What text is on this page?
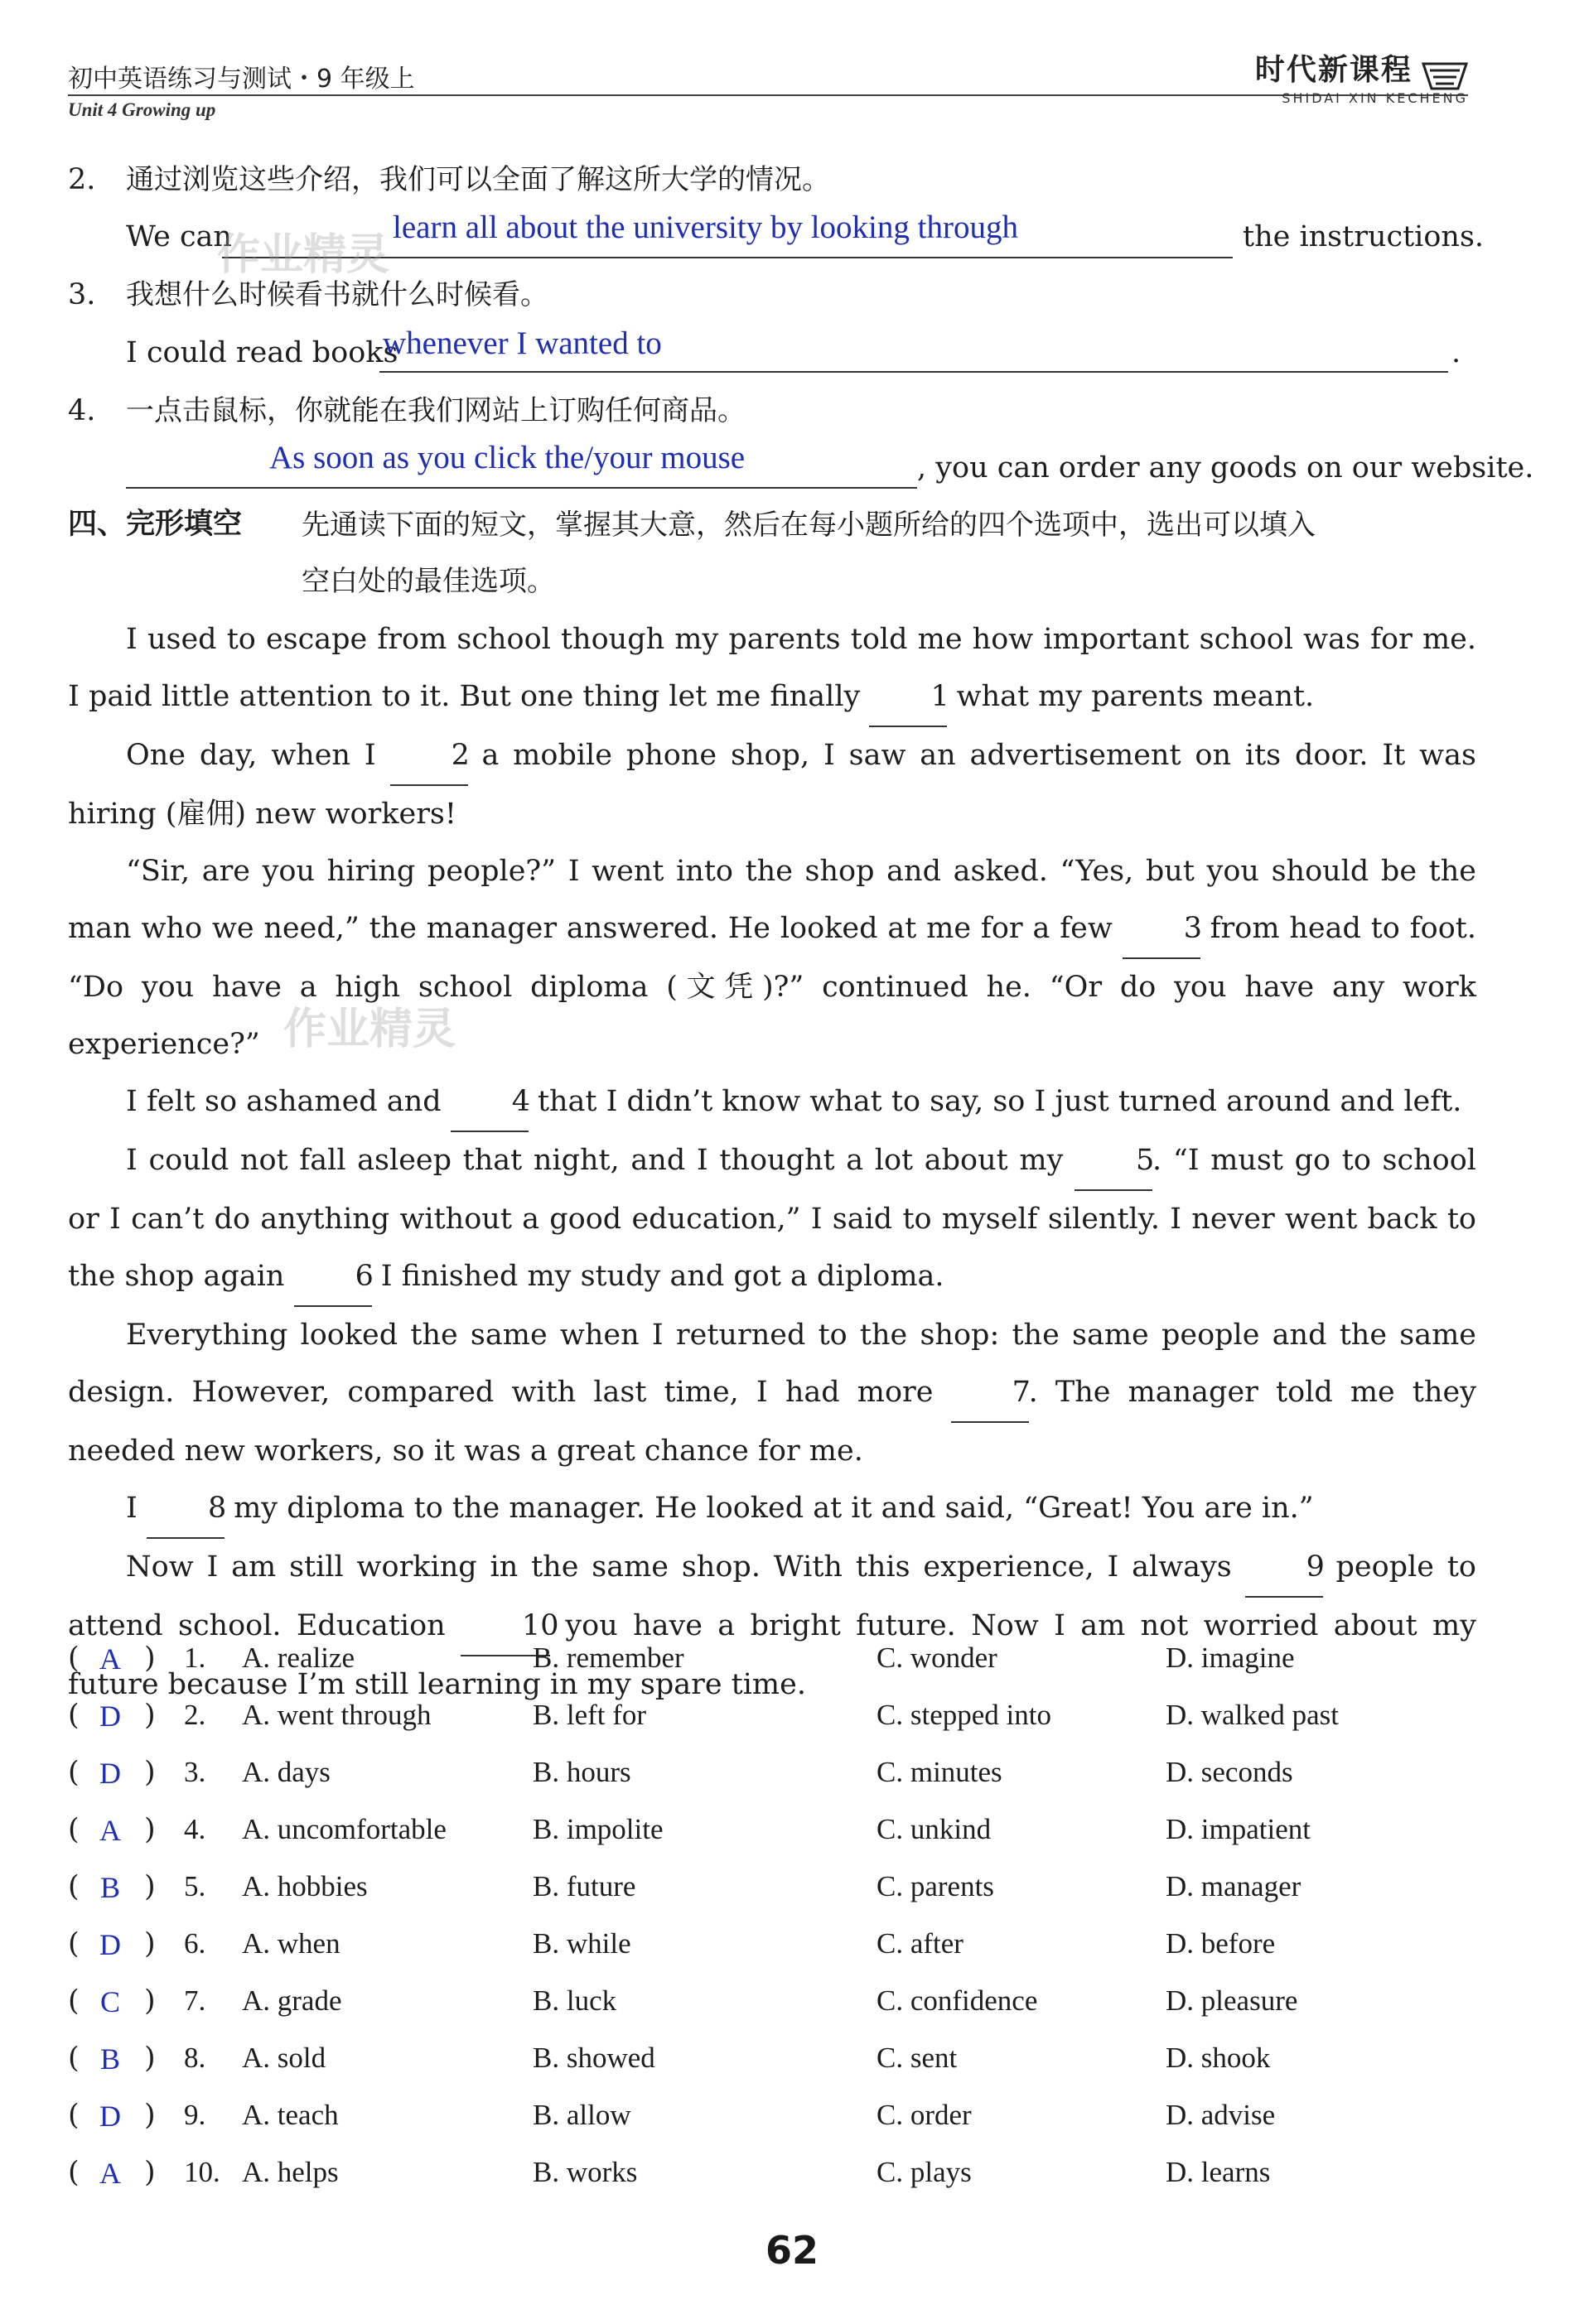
初中英语练习与测试・9 年级上
Unit 4 Growing up
时代新课程
SHIDAI XIN KECHENG
2. 通过浏览这些介绍，我们可以全面了解这所大学的情况。
We can	learn all about the university by looking through	the instructions.
3. 我想什么时候看书就什么时候看。
I could read books
whenever I wanted to	.
4. 一点击鼠标，你就能在我们网站上订购任何商品。
As soon as you click the/your mouse	, you can order any goods on our website.
四、完形填空 先通读下面的短文，掌握其大意，然后在每小题所给的四个选项中，选出可以填入
空白处的最佳选项。

I used to escape from school though my parents told me how important school was for me. I paid little attention to it. But one thing let me finally 1 what my parents meant.

One day, when I	2 a mobile phone shop, I saw an advertisement on its door. It was hiring (雇佣) new workers!

“Sir, are you hiring people?” I went into the shop and asked. “Yes, but you should be the man who we need,” the manager answered. He looked at me for a few 3 from head to foot. “Do you have a high school diploma (文凭)?” continued he. “Or do you have any work experience?”

I felt so ashamed and 4 that I didn’t know what to say, so I just turned around and left.

I could not fall asleep that night, and I thought a lot about my	5. “I must go to school or I can’t do anything without a good education,” I said to myself silently. I never went back to the shop again 6 I finished my study and got a diploma.

Everything looked the same when I returned to the shop: the same people and the same design. However, compared with last time, I had more	7. The manager told me they needed new workers, so it was a great chance for me.

I 8 my diploma to the manager. He looked at it and said, “Great! You are in.”

Now I am still working in the same shop. With this experience, I always	9 people to attend school. Education	10 you have a bright future. Now I am not worried about my future because I’m still learning in my spare time.

( A ) 1. A. realize	B. remember	C. wonder	D. imagine
( D ) 2. A. went through	B. left for	C. stepped into	D. walked past
( D ) 3. A. days	B. hours	C. minutes	D. seconds
( A ) 4. A. uncomfortable	B. impolite	C. unkind	D. impatient
( B ) 5. A. hobbies	B. future	C. parents	D. manager
( D ) 6. A. when	B. while	C. after	D. before
( C ) 7. A. grade	B. luck	C. confidence	D. pleasure
( B ) 8. A. sold	B. showed	C. sent	D. shook
( D ) 9. A. teach	B. allow	C. order	D. advise
( A ) 10. A. helps	B. works	C. plays	D. learns
作业精灵
作业精灵
62
